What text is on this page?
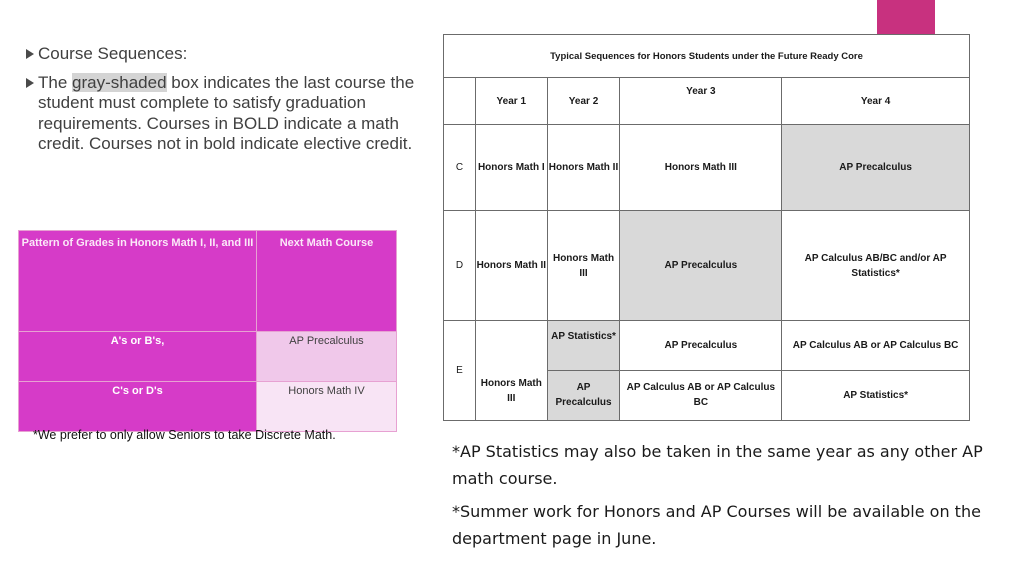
Course Sequences:
The gray-shaded box indicates the last course the student must complete to satisfy graduation requirements. Courses in BOLD indicate a math credit. Courses not in bold indicate elective credit.
Pattern of Grades in Honors Math I, II, and III	Next Math Course
A's or B's,	AP Precalculus
C's or D's	Honors Math IV
*We prefer to only allow Seniors to take Discrete Math.
Typical Sequences for Honors Students under the Future Ready Core				
	Year 1	Year 2	Year 3	Year 4
C	Honors Math I	Honors Math II	Honors Math III	AP Precalculus
D	Honors Math II	Honors Math III	AP Precalculus	AP Calculus AB/BC and/or AP Statistics*
E	Honors Math III	AP Statistics*	AP Precalculus	AP Calculus AB or AP Calculus BC
		AP Precalculus	AP Calculus AB or AP Calculus BC	AP Statistics*

*AP Statistics may also be taken in the same year as any other AP math course.

*Summer work for Honors and AP Courses will be available on the department page in June.
